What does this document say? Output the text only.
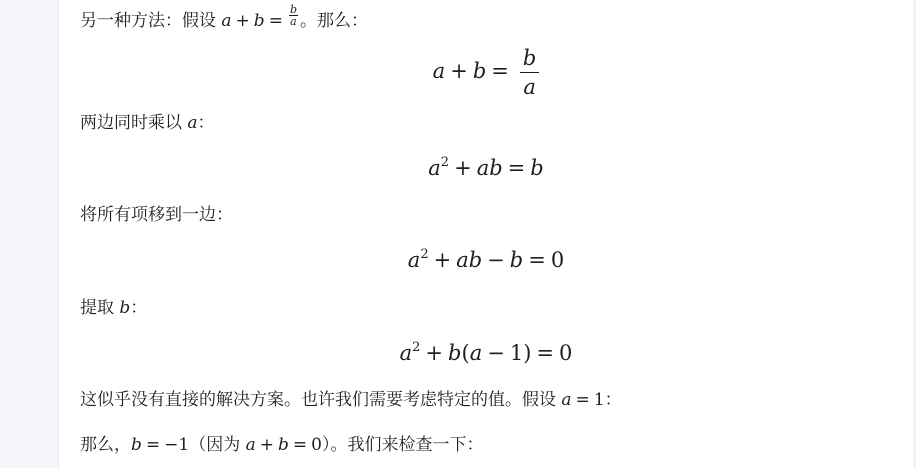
另一种方法：假设 $a + b = \frac{b}{a}$ 。那么：
$a + b = \frac{b}{a}$
两边同时乘以 a：
$a^2$ + ab = b
将所有项移到一边：
$a^2$ + ab − b = 0
提取 b：
$a^2 + b(a - 1) = 0$
这似乎没有直接的解决方案。也许我们需要考虑特定的值。假设 a = 1：
那么，b = −1（因为 a + b = 0）。我们来检查一下：
